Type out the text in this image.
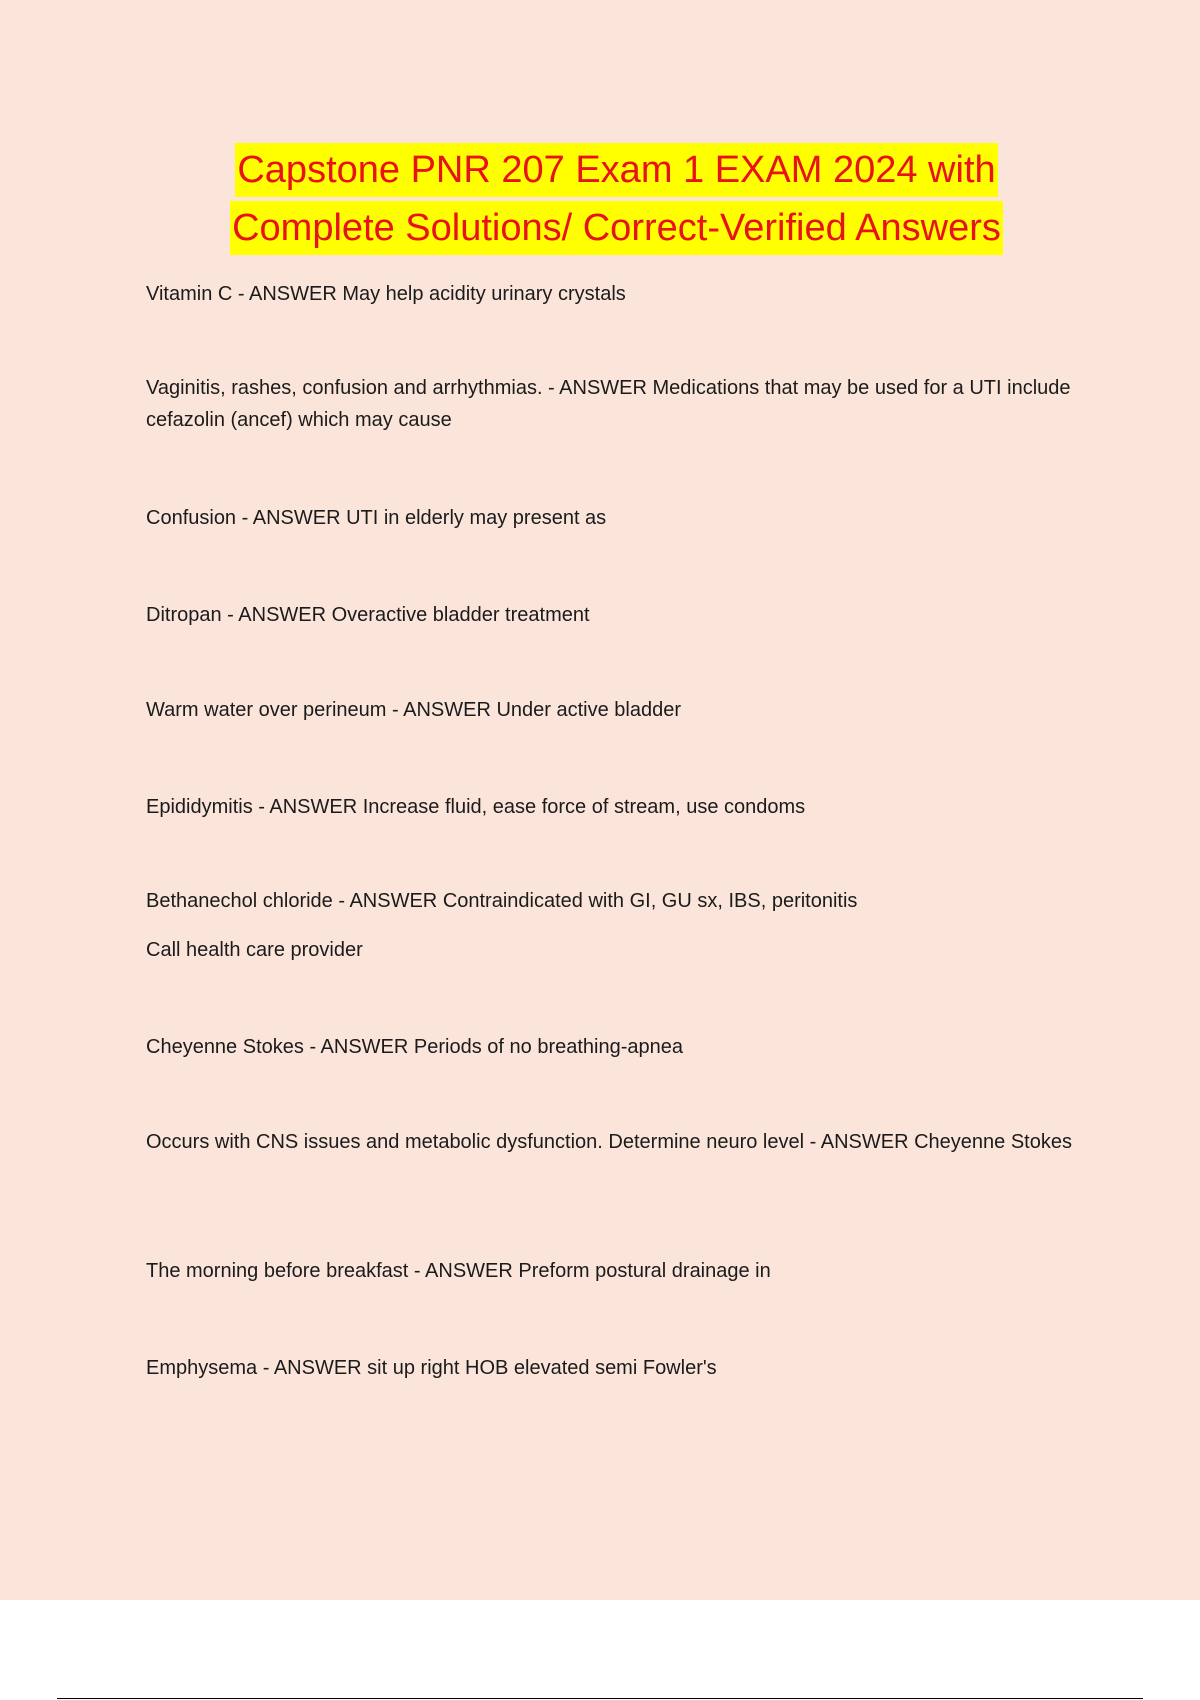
Capstone PNR 207 Exam 1 EXAM 2024 with
Complete Solutions/ Correct-Verified Answers
Vitamin C - ANSWER May help acidity urinary crystals
Vaginitis, rashes, confusion and arrhythmias. - ANSWER Medications that may be used for a UTI include cefazolin (ancef) which may cause
Confusion - ANSWER UTI in elderly may present as
Ditropan - ANSWER Overactive bladder treatment
Warm water over perineum - ANSWER Under active bladder
Epididymitis - ANSWER Increase fluid, ease force of stream, use condoms
Bethanechol chloride - ANSWER Contraindicated with GI, GU sx, IBS, peritonitis
Call health care provider
Cheyenne Stokes - ANSWER Periods of no breathing-apnea
Occurs with CNS issues and metabolic dysfunction. Determine neuro level - ANSWER Cheyenne Stokes
The morning before breakfast - ANSWER Preform postural drainage in
Emphysema - ANSWER sit up right HOB elevated semi Fowler's
